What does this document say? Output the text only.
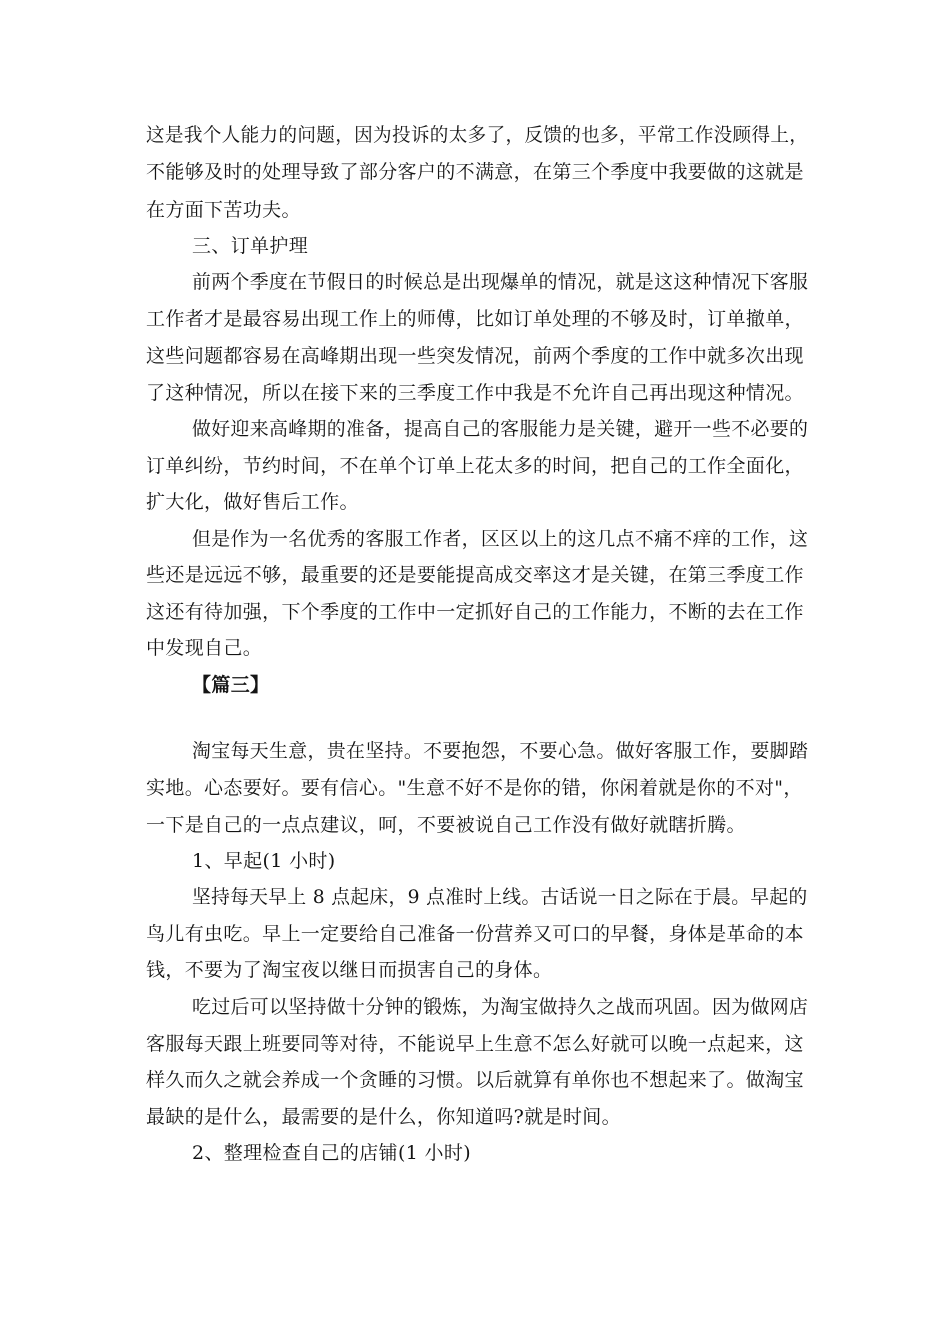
这是我个人能力的问题，因为投诉的太多了，反馈的也多，平常工作没顾得上，
不能够及时的处理导致了部分客户的不满意，在第三个季度中我要做的这就是
在方面下苦功夫。
三、订单护理
前两个季度在节假日的时候总是出现爆单的情况，就是这这种情况下客服
工作者才是最容易出现工作上的师傅，比如订单处理的不够及时，订单撤单，
这些问题都容易在高峰期出现一些突发情况，前两个季度的工作中就多次出现
了这种情况，所以在接下来的三季度工作中我是不允许自己再出现这种情况。
做好迎来高峰期的准备，提高自己的客服能力是关键，避开一些不必要的
订单纠纷，节约时间，不在单个订单上花太多的时间，把自己的工作全面化，
扩大化，做好售后工作。
但是作为一名优秀的客服工作者，区区以上的这几点不痛不痒的工作，这
些还是远远不够，最重要的还是要能提高成交率这才是关键，在第三季度工作
这还有待加强，下个季度的工作中一定抓好自己的工作能力，不断的去在工作
中发现自己。
【篇三】
淘宝每天生意，贵在坚持。不要抱怨，不要心急。做好客服工作，要脚踏
实地。心态要好。要有信心。"生意不好不是你的错，你闲着就是你的不对"，
一下是自己的一点点建议，呵，不要被说自己工作没有做好就瞎折腾。
1、早起(1 小时)
坚持每天早上 8 点起床，9 点准时上线。古话说一日之际在于晨。早起的
鸟儿有虫吃。早上一定要给自己准备一份营养又可口的早餐，身体是革命的本
钱，不要为了淘宝夜以继日而损害自己的身体。
吃过后可以坚持做十分钟的锻炼，为淘宝做持久之战而巩固。因为做网店
客服每天跟上班要同等对待，不能说早上生意不怎么好就可以晚一点起来，这
样久而久之就会养成一个贪睡的习惯。以后就算有单你也不想起来了。做淘宝
最缺的是什么，最需要的是什么，你知道吗?就是时间。
2、整理检查自己的店铺(1 小时)
